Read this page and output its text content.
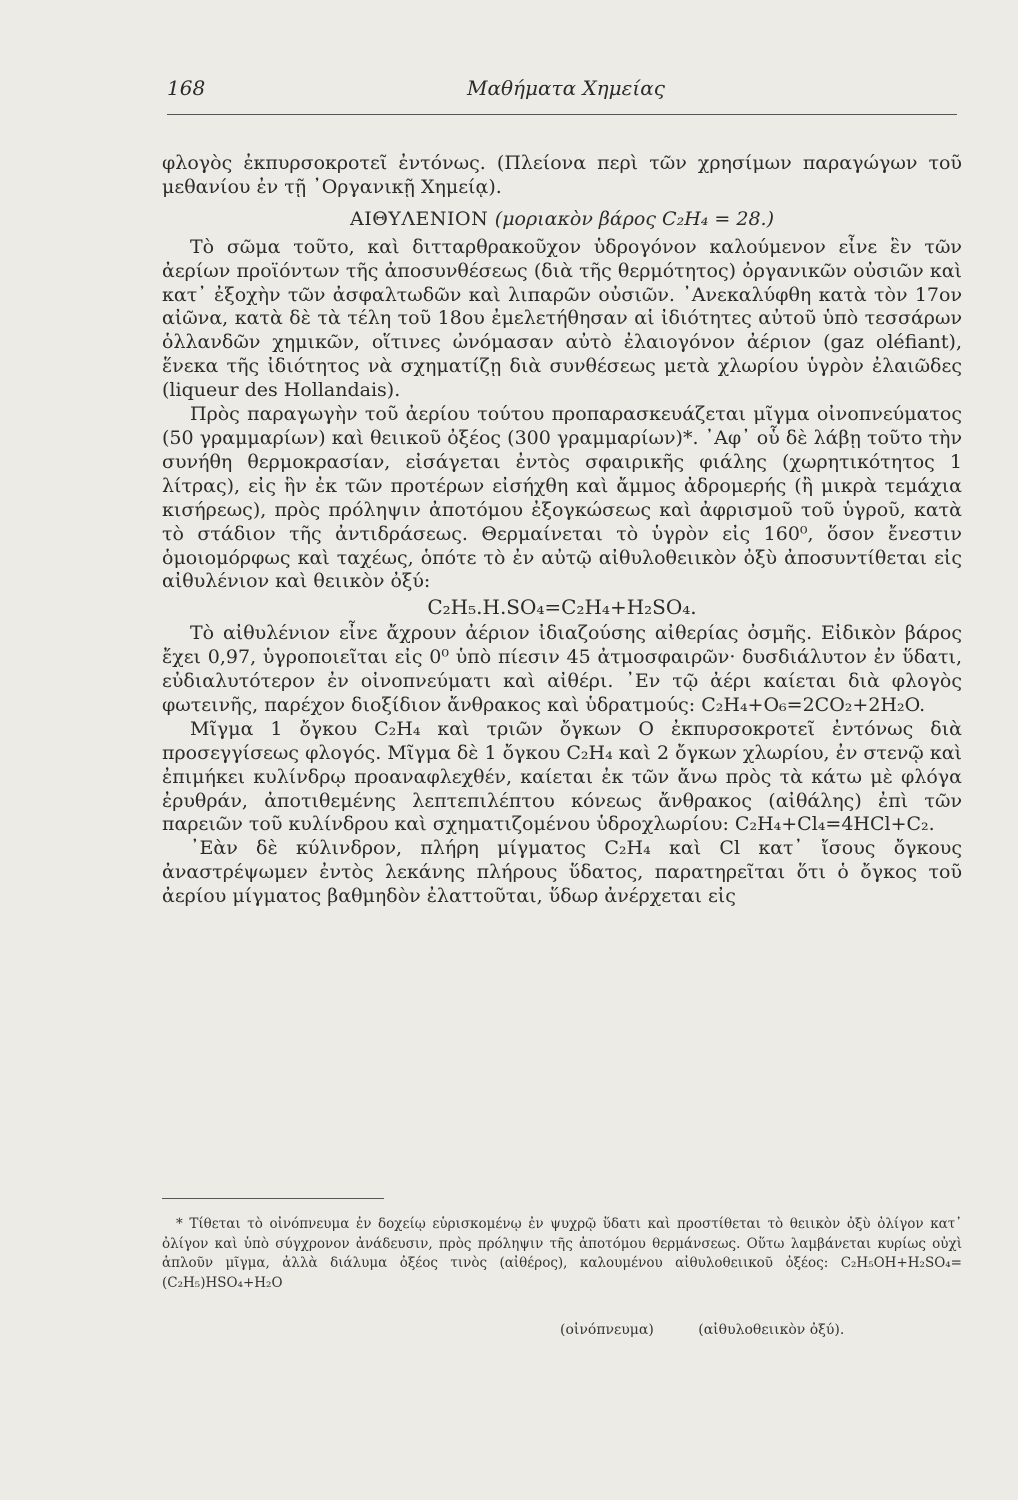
168	Μαθήματα Χημείας

φλογὸς ἐκπυρσοκροτεῖ ἐντόνως. (Πλείονα περὶ τῶν χρησίμων παραγώγων τοῦ μεθανίου ἐν τῇ ᾿Οργανικῇ Χημείᾳ).

ΑΙΘΥΛΕΝΙΟΝ (μοριακὸν βάρος C₂H₄ = 28.)

Τὸ σῶμα τοῦτο, καὶ διτταρθρακοῦχον ὑδρογόνον καλούμενον εἶνε ἓν τῶν ἀερίων προϊόντων τῆς ἀποσυνθέσεως (διὰ τῆς θερμότητος) ὀργανικῶν οὐσιῶν καὶ κατ᾿ ἐξοχὴν τῶν ἀσφαλτωδῶν καὶ λιπαρῶν οὐσιῶν. ᾿Ανεκαλύφθη κατὰ τὸν 17ον αἰῶνα, κατὰ δὲ τὰ τέλη τοῦ 18ου ἐμελετήθησαν αἱ ἰδιότητες αὐτοῦ ὑπὸ τεσσάρων ὁλλανδῶν χημικῶν, οἵτινες ὠνόμασαν αὐτὸ ἐλαιογόνον ἀέριον (gaz oléfiant), ἕνεκα τῆς ἰδιότητος νὰ σχηματίζῃ διὰ συνθέσεως μετὰ χλωρίου ὑγρὸν ἐλαιῶδες (liqueur des Hollandais).

Πρὸς παραγωγὴν τοῦ ἀερίου τούτου προπαρασκευάζεται μῖγμα οἰνοπνεύματος (50 γραμμαρίων) καὶ θειικοῦ ὀξέος (300 γραμμαρίων)*. ᾿Αφ᾿ οὗ δὲ λάβῃ τοῦτο τὴν συνήθη θερμοκρασίαν, εἰσάγεται ἐντὸς σφαιρικῆς φιάλης (χωρητικότητος 1 λίτρας), εἰς ἣν ἐκ τῶν προτέρων εἰσήχθη καὶ ἄμμος ἀδρομερής (ἢ μικρὰ τεμάχια κισήρεως), πρὸς πρόληψιν ἀποτόμου ἐξογκώσεως καὶ ἀφρισμοῦ τοῦ ὑγροῦ, κατὰ τὸ στάδιον τῆς ἀντιδράσεως. Θερμαίνεται τὸ ὑγρὸν εἰς 160⁰, ὅσον ἔνεστιν ὁμοιομόρφως καὶ ταχέως, ὁπότε τὸ ἐν αὐτῷ αἰθυλοθειικὸν ὀξὺ ἀποσυντίθεται εἰς αἰθυλένιον καὶ θειικὸν ὀξύ:

C₂H₅.H.SO₄=C₂H₄+H₂SO₄.

Τὸ αἰθυλένιον εἶνε ἄχρουν ἀέριον ἰδιαζούσης αἰθερίας ὀσμῆς. Εἰδικὸν βάρος ἔχει 0,97, ὑγροποιεῖται εἰς 0⁰ ὑπὸ πίεσιν 45 ἀτμοσφαιρῶν· δυσδιάλυτον ἐν ὕδατι, εὐδιαλυτότερον ἐν οἰνοπνεύματι καὶ αἰθέρι. ᾿Εν τῷ ἀέρι καίεται διὰ φλογὸς φωτεινῆς, παρέχον διοξίδιον ἄνθρακος καὶ ὑδρατμούς: C₂H₄+O₆=2CO₂+2H₂O.

Μῖγμα 1 ὄγκου C₂H₄ καὶ τριῶν ὄγκων O ἐκπυρσοκροτεῖ ἐντόνως διὰ προσεγγίσεως φλογός. Μῖγμα δὲ 1 ὄγκου C₂H₄ καὶ 2 ὄγκων χλωρίου, ἐν στενῷ καὶ ἐπιμήκει κυλίνδρῳ προαναφλεχθέν, καίεται ἐκ τῶν ἄνω πρὸς τὰ κάτω μὲ φλόγα ἐρυθράν, ἀποτιθεμένης λεπτεπιλέπτου κόνεως ἄνθρακος (αἰθάλης) ἐπὶ τῶν παρειῶν τοῦ κυλίνδρου καὶ σχηματιζομένου ὑδροχλωρίου: C₂H₄+Cl₄=4HCl+C₂.

᾿Εὰν δὲ κύλινδρον, πλήρη μίγματος C₂H₄ καὶ Cl κατ᾿ ἴσους ὄγκους ἀναστρέψωμεν ἐντὸς λεκάνης πλήρους ὕδατος, παρατηρεῖται ὅτι ὁ ὄγκος τοῦ ἀερίου μίγματος βαθμηδὸν ἐλαττοῦται, ὕδωρ ἀνέρχεται εἰς

* Τίθεται τὸ οἰνόπνευμα ἐν δοχείῳ εὑρισκομένῳ ἐν ψυχρῷ ὕδατι καὶ προστίθεται τὸ θειικὸν ὀξὺ ὀλίγον κατ᾿ ὀλίγον καὶ ὑπὸ σύγχρονον ἀνάδευσιν, πρὸς πρόληψιν τῆς ἀποτόμου θερμάνσεως. Οὕτω λαμβάνεται κυρίως οὐχὶ ἁπλοῦν μῖγμα, ἀλλὰ διάλυμα ὀξέος τινὸς (αἰθέρος), καλουμένου αἰθυλοθειικοῦ ὀξέος: C₂H₅OH+H₂SO₄=(C₂H₅)HSO₄+H₂O

(οἰνόπνευμα)	(αἰθυλοθειικὸν ὀξύ).
